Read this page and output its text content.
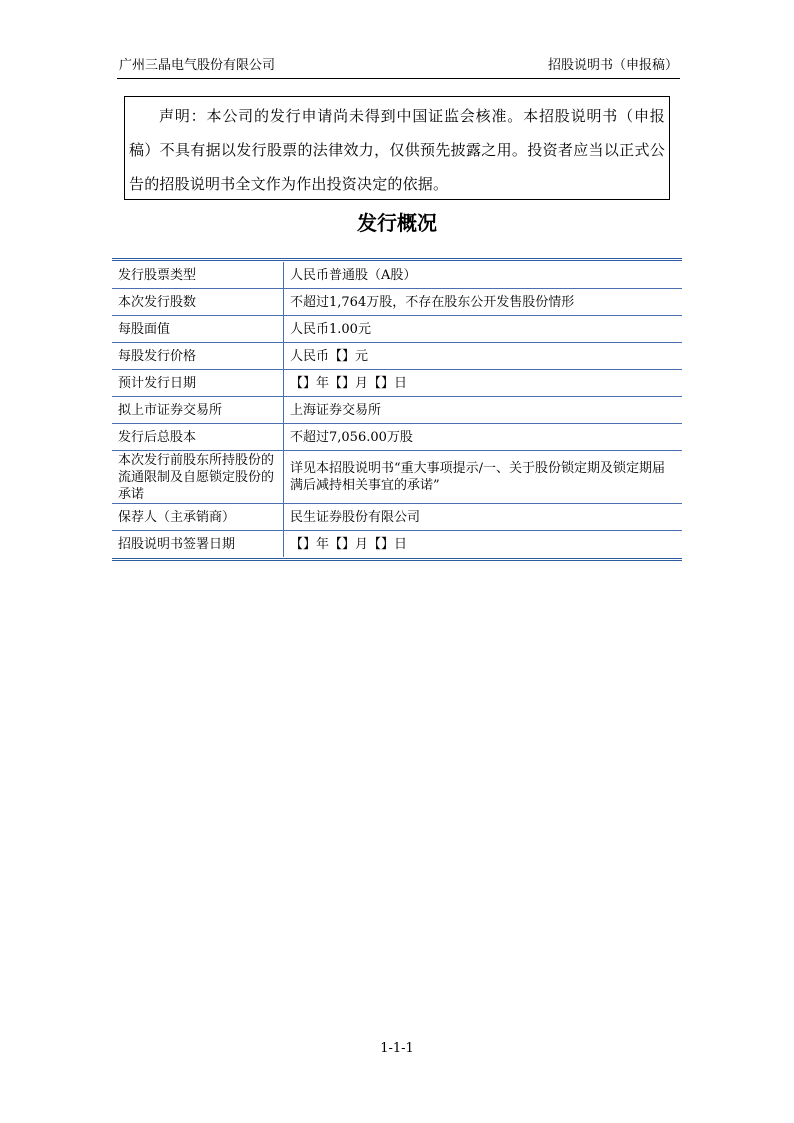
广州三晶电气股份有限公司	招股说明书（申报稿）
声明：本公司的发行申请尚未得到中国证监会核准。本招股说明书（申报稿）不具有据以发行股票的法律效力，仅供预先披露之用。投资者应当以正式公告的招股说明书全文作为作出投资决定的依据。
发行概况
发行股票类型	人民币普通股（A股）
本次发行股数	不超过1,764万股，不存在股东公开发售股份情形
每股面值	人民币1.00元
每股发行价格	人民币【】元
预计发行日期	【】年【】月【】日
拟上市证券交易所	上海证券交易所
发行后总股本	不超过7,056.00万股
本次发行前股东所持股份的流通限制及自愿锁定股份的承诺	详见本招股说明书“重大事项提示/一、关于股份锁定期及锁定期届满后减持相关事宜的承诺”
保荐人（主承销商）	民生证券股份有限公司
招股说明书签署日期	【】年【】月【】日
1-1-1
